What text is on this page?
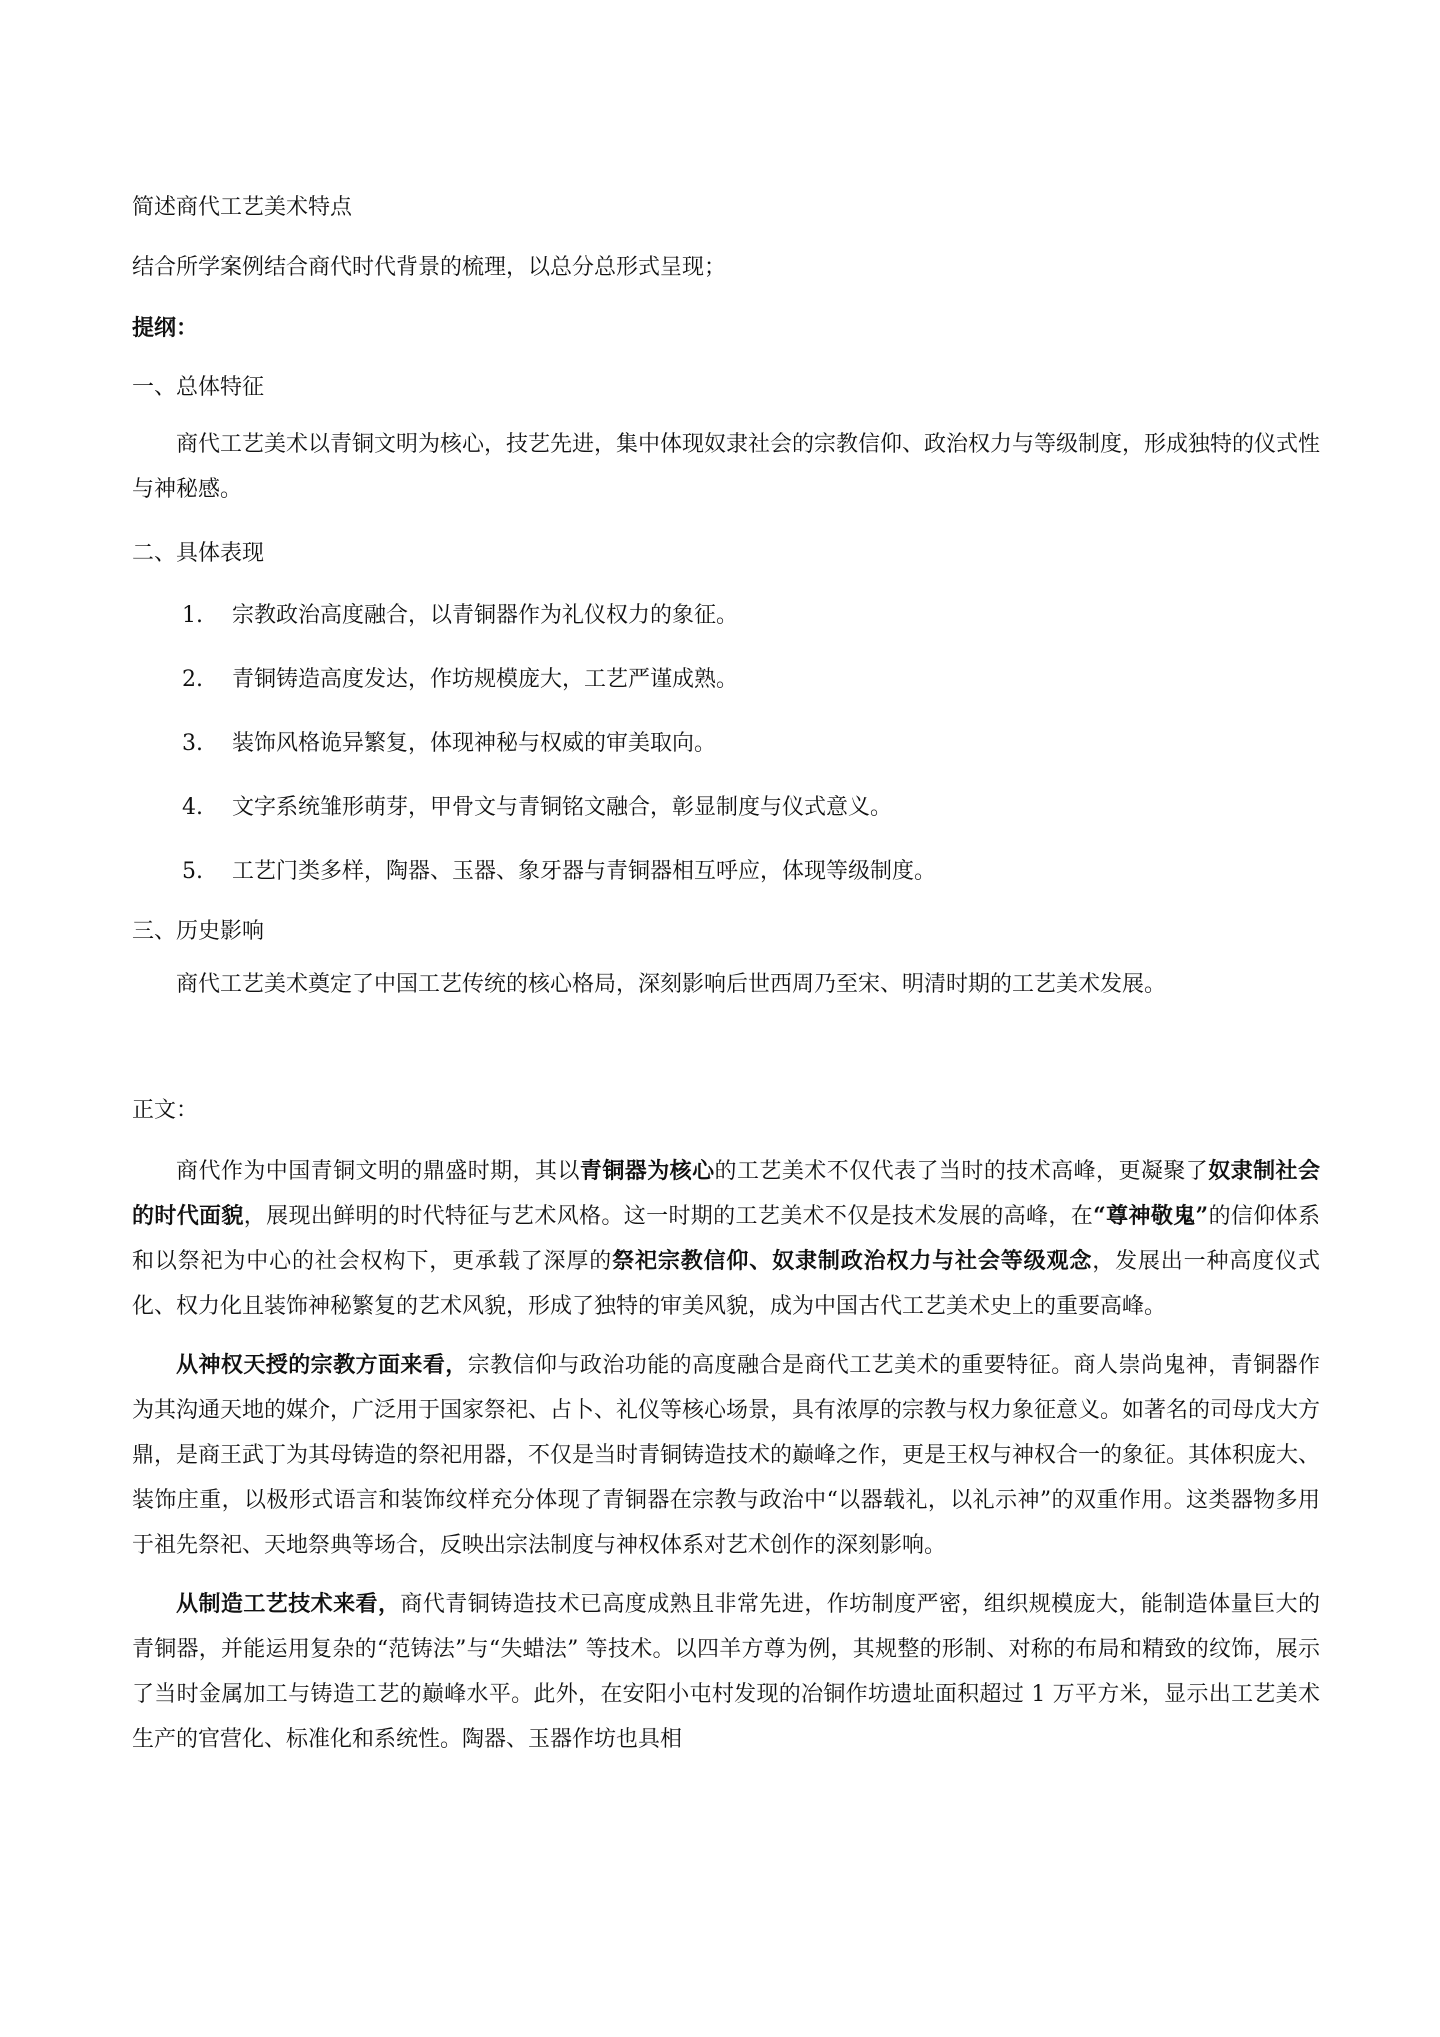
简述商代工艺美术特点

结合所学案例结合商代时代背景的梳理，以总分总形式呈现；

提纲：

一、总体特征

商代工艺美术以青铜文明为核心，技艺先进，集中体现奴隶社会的宗教信仰、政治权力与等级制度，形成独特的仪式性与神秘感。

二、具体表现

1.	宗教政治高度融合，以青铜器作为礼仪权力的象征。
2.	青铜铸造高度发达，作坊规模庞大，工艺严谨成熟。
3.	装饰风格诡异繁复，体现神秘与权威的审美取向。
4.	文字系统雏形萌芽，甲骨文与青铜铭文融合，彰显制度与仪式意义。
5.	工艺门类多样，陶器、玉器、象牙器与青铜器相互呼应，体现等级制度。

三、历史影响

商代工艺美术奠定了中国工艺传统的核心格局，深刻影响后世西周乃至宋、明清时期的工艺美术发展。

正文：

商代作为中国青铜文明的鼎盛时期，其以青铜器为核心的工艺美术不仅代表了当时的技术高峰，更凝聚了奴隶制社会的时代面貌，展现出鲜明的时代特征与艺术风格。这一时期的工艺美术不仅是技术发展的高峰，在“尊神敬鬼”的信仰体系和以祭祀为中心的社会权构下，更承载了深厚的祭祀宗教信仰、奴隶制政治权力与社会等级观念，发展出一种高度仪式化、权力化且装饰神秘繁复的艺术风貌，形成了独特的审美风貌，成为中国古代工艺美术史上的重要高峰。

从神权天授的宗教方面来看，宗教信仰与政治功能的高度融合是商代工艺美术的重要特征。商人崇尚鬼神，青铜器作为其沟通天地的媒介，广泛用于国家祭祀、占卜、礼仪等核心场景，具有浓厚的宗教与权力象征意义。如著名的司母戊大方鼎，是商王武丁为其母铸造的祭祀用器，不仅是当时青铜铸造技术的巅峰之作，更是王权与神权合一的象征。其体积庞大、装饰庄重，以极形式语言和装饰纹样充分体现了青铜器在宗教与政治中“以器载礼，以礼示神”的双重作用。这类器物多用于祖先祭祀、天地祭典等场合，反映出宗法制度与神权体系对艺术创作的深刻影响。

从制造工艺技术来看，商代青铜铸造技术已高度成熟且非常先进，作坊制度严密，组织规模庞大，能制造体量巨大的青铜器，并能运用复杂的“范铸法”与“失蜡法” 等技术。以四羊方尊为例，其规整的形制、对称的布局和精致的纹饰，展示了当时金属加工与铸造工艺的巅峰水平。此外，在安阳小屯村发现的冶铜作坊遗址面积超过 1 万平方米，显示出工艺美术生产的官营化、标准化和系统性。陶器、玉器作坊也具相
